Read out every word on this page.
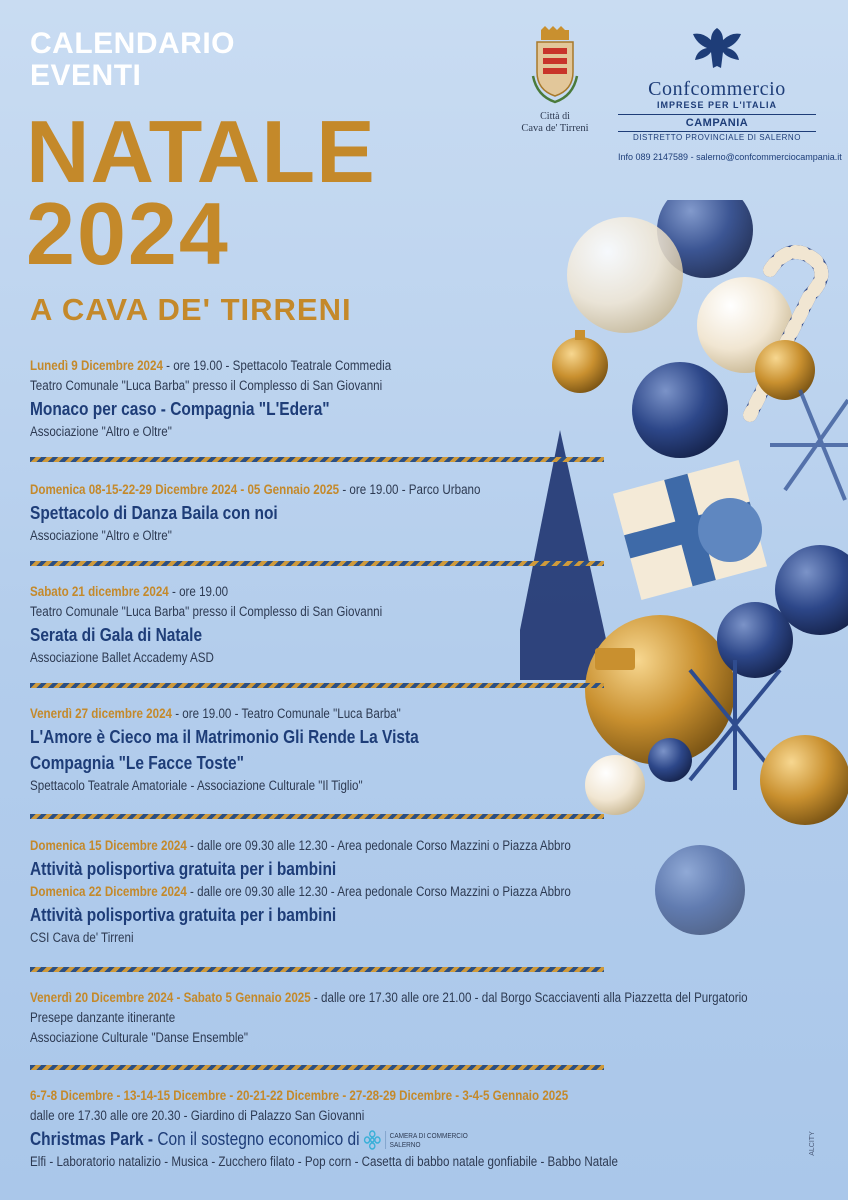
CALENDARIO
EVENTI
NATALE
2024
A CAVA DE' TIRRENI
Città di
Cava de' Tirreni
Confcommercio
IMPRESE PER L'ITALIA
CAMPANIA
DISTRETTO PROVINCIALE DI SALERNO
Info 089 2147589 - salerno@confcommerciocampania.it
Lunedì 9 Dicembre 2024 - ore 19.00 - Spettacolo Teatrale Commedia
Teatro Comunale "Luca Barba" presso il Complesso di San Giovanni
Monaco per caso - Compagnia "L'Edera"
Associazione "Altro e Oltre"
Domenica 08-15-22-29 Dicembre 2024 - 05 Gennaio 2025 - ore 19.00 - Parco Urbano
Spettacolo di Danza Baila con noi
Associazione "Altro e Oltre"
Sabato 21 dicembre 2024 - ore 19.00
Teatro Comunale "Luca Barba" presso il Complesso di San Giovanni
Serata di Gala di Natale
Associazione Ballet Accademy ASD
Venerdì 27 dicembre 2024 - ore 19.00 - Teatro Comunale "Luca Barba"
L'Amore è Cieco ma il Matrimonio Gli Rende La Vista
Compagnia "Le Facce Toste"
Spettacolo Teatrale Amatoriale - Associazione Culturale "Il Tiglio"
Domenica 15 Dicembre 2024 - dalle ore 09.30 alle 12.30 - Area pedonale Corso Mazzini o Piazza Abbro
Attività polisportiva gratuita per i bambini
Domenica 22 Dicembre 2024 - dalle ore 09.30 alle 12.30 - Area pedonale Corso Mazzini o Piazza Abbro
Attività polisportiva gratuita per i bambini
CSI Cava de' Tirreni
Venerdì 20 Dicembre 2024 - Sabato 5 Gennaio 2025 - dalle ore 17.30 alle ore 21.00 - dal Borgo Scacciaventi alla Piazzetta del Purgatorio
Presepe danzante itinerante
Associazione Culturale "Danse Ensemble"
6-7-8 Dicembre - 13-14-15 Dicembre - 20-21-22 Dicembre - 27-28-29 Dicembre - 3-4-5 Gennaio 2025
dalle ore 17.30 alle ore 20.30 - Giardino di Palazzo San Giovanni
Christmas Park - Con il sostegno economico di	CAMERA DI COMMERCIO
SALERNO
Elfi - Laboratorio natalizio - Musica - Zucchero filato - Pop corn - Casetta di babbo natale gonfiabile - Babbo Natale
ALCITY
